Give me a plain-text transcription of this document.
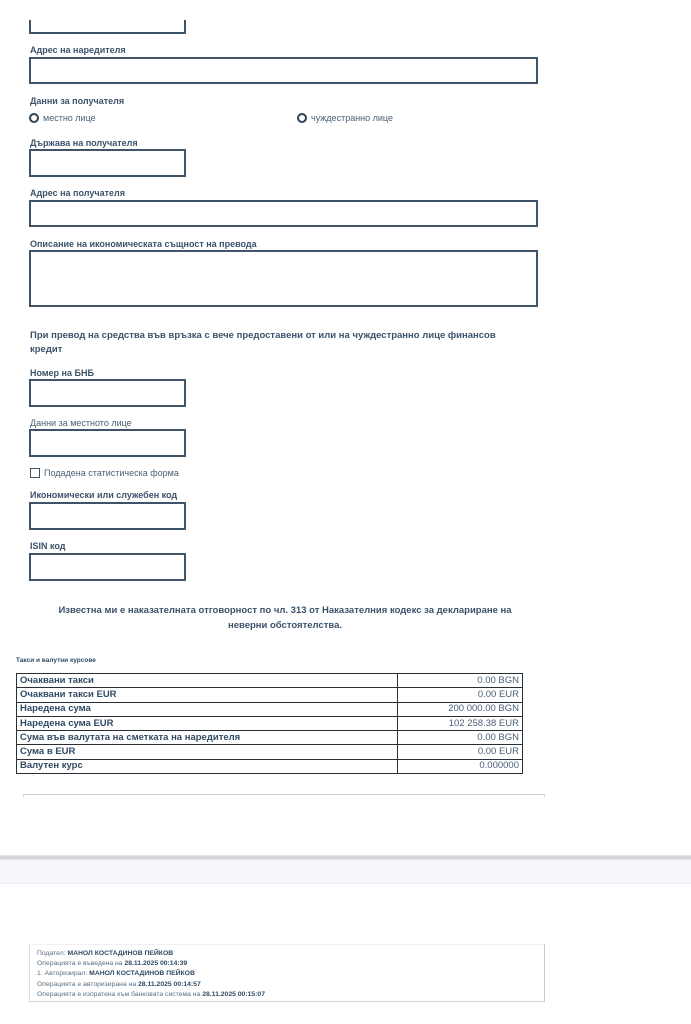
Адрес на наредителя
Данни за получателя
местно лице	чуждестранно лице
Държава на получателя
Адрес на получателя
Описание на икономическата същност на превода
При превод на средства във връзка с вече предоставени от или на чуждестранно лице финансов кредит
Номер на БНБ
Данни за местното лице
Подадена статистическа форма
Икономически или служебен код
ISIN код
Известна ми е наказателната отговорност по чл. 313 от Наказателния кодекс за деклариране на неверни обстоятелства.
Такси и валутни курсове
Очаквани такси	0.00 BGN
Очаквани такси EUR	0.00 EUR
Наредена сума	200 000.00 BGN
Наредена сума EUR	102 258.38 EUR
Сума във валутата на сметката на наредителя	0.00 BGN
Сума в EUR	0.00 EUR
Валутен курс	0.000000
Подател: МАНОЛ КОСТАДИНОВ ПЕЙКОВ
Операцията е въведена на 28.11.2025 00:14:39
1. Авторизирал: МАНОЛ КОСТАДИНОВ ПЕЙКОВ
Операцията е авторизирана на 28.11.2025 00:14:57
Операцията е изпратена към банковата система на 28.11.2025 00:15:07
